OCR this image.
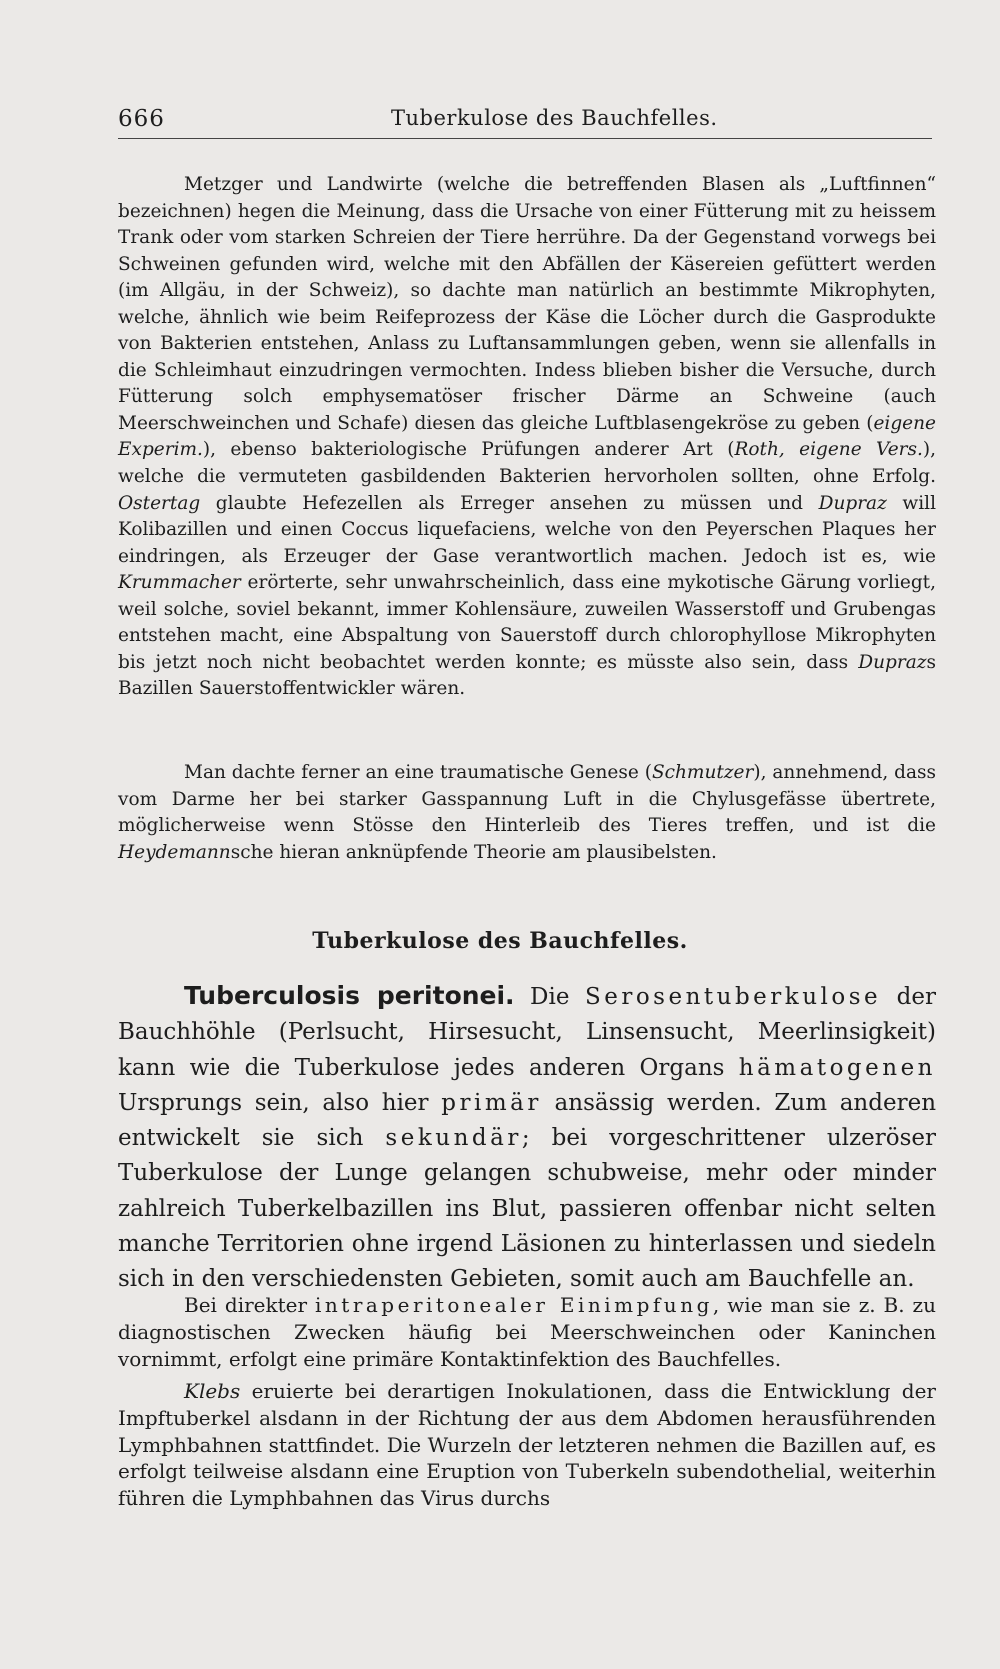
666	Tuberkulose des Bauchfelles.

Metzger und Landwirte (welche die betreffenden Blasen als „Luftfinnen“ bezeichnen) hegen die Meinung, dass die Ursache von einer Fütterung mit zu heissem Trank oder vom starken Schreien der Tiere herrühre. Da der Gegenstand vorwegs bei Schweinen gefunden wird, welche mit den Abfällen der Käsereien gefüttert werden (im Allgäu, in der Schweiz), so dachte man natürlich an bestimmte Mikrophyten, welche, ähnlich wie beim Reifeprozess der Käse die Löcher durch die Gasprodukte von Bakterien entstehen, Anlass zu Luftansammlungen geben, wenn sie allenfalls in die Schleimhaut einzudringen vermochten. Indess blieben bisher die Versuche, durch Fütterung solch emphysematöser frischer Därme an Schweine (auch Meerschweinchen und Schafe) diesen das gleiche Luftblasengekröse zu geben (eigene Experim.), ebenso bakteriologische Prüfungen anderer Art (Roth, eigene Vers.), welche die vermuteten gasbildenden Bakterien hervorholen sollten, ohne Erfolg. Ostertag glaubte Hefezellen als Erreger ansehen zu müssen und Dupraz will Kolibazillen und einen Coccus liquefaciens, welche von den Peyerschen Plaques her eindringen, als Erzeuger der Gase verantwortlich machen. Jedoch ist es, wie Krummacher erörterte, sehr unwahrscheinlich, dass eine mykotische Gärung vorliegt, weil solche, soviel bekannt, immer Kohlensäure, zuweilen Wasserstoff und Grubengas entstehen macht, eine Abspaltung von Sauerstoff durch chlorophyllose Mikrophyten bis jetzt noch nicht beobachtet werden konnte; es müsste also sein, dass Duprazs Bazillen Sauerstoffentwickler wären.

Man dachte ferner an eine traumatische Genese (Schmutzer), annehmend, dass vom Darme her bei starker Gasspannung Luft in die Chylusgefässe übertrete, möglicherweise wenn Stösse den Hinterleib des Tieres treffen, und ist die Heydemannsche hieran anknüpfende Theorie am plausibelsten.

Tuberkulose des Bauchfelles.

Tuberculosis peritonei. Die Serosentuberkulose der Bauchhöhle (Perlsucht, Hirsesucht, Linsensucht, Meerlinsigkeit) kann wie die Tuberkulose jedes anderen Organs hämatogenen Ursprungs sein, also hier primär ansässig werden. Zum anderen entwickelt sie sich sekundär; bei vorgeschrittener ulzeröser Tuberkulose der Lunge gelangen schubweise, mehr oder minder zahlreich Tuberkelbazillen ins Blut, passieren offenbar nicht selten manche Territorien ohne irgend Läsionen zu hinterlassen und siedeln sich in den verschiedensten Gebieten, somit auch am Bauchfelle an.

Bei direkter intraperitonealer Einimpfung, wie man sie z. B. zu diagnostischen Zwecken häufig bei Meerschweinchen oder Kaninchen vornimmt, erfolgt eine primäre Kontaktinfektion des Bauchfelles.

Klebs eruierte bei derartigen Inokulationen, dass die Entwicklung der Impftuberkel alsdann in der Richtung der aus dem Abdomen herausführenden Lymphbahnen stattfindet. Die Wurzeln der letzteren nehmen die Bazillen auf, es erfolgt teilweise alsdann eine Eruption von Tuberkeln subendothelial, weiterhin führen die Lymphbahnen das Virus durchs
